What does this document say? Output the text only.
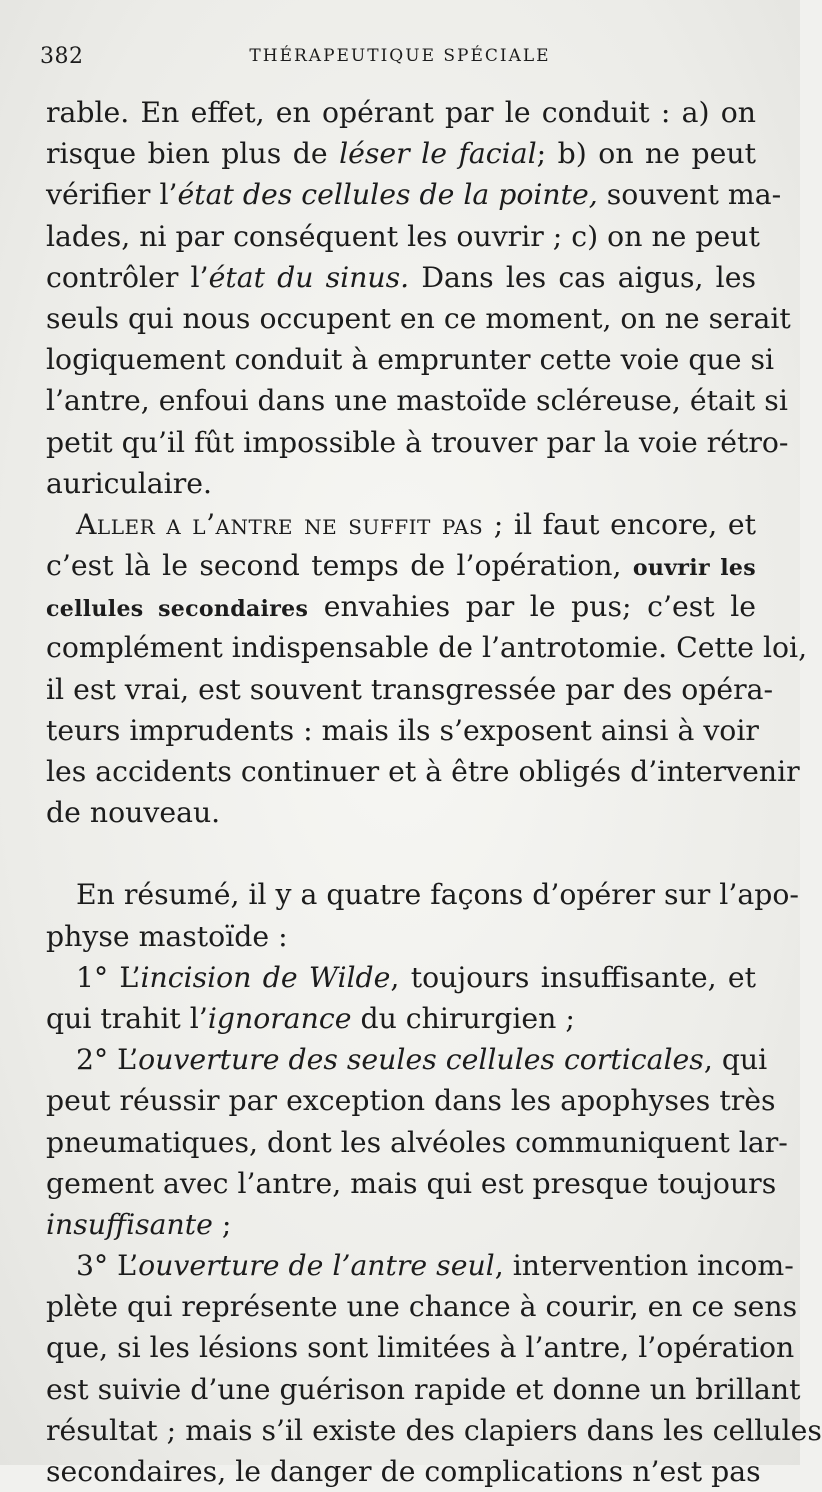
382	THÉRAPEUTIQUE SPÉCIALE
rable. En effet, en opérant par le conduit : a) on
risque bien plus de léser le facial; b) on ne peut
vérifier l’état des cellules de la pointe, souvent ma-
lades, ni par conséquent les ouvrir ; c) on ne peut
contrôler l’état du sinus. Dans les cas aigus, les
seuls qui nous occupent en ce moment, on ne serait
logiquement conduit à emprunter cette voie que si
l’antre, enfoui dans une mastoïde scléreuse, était si
petit qu’il fût impossible à trouver par la voie rétro-
auriculaire.
Aller a l’antre ne suffit pas ; il faut encore, et
c’est là le second temps de l’opération, ouvrir les
cellules secondaires envahies par le pus; c’est le
complément indispensable de l’antrotomie. Cette loi,
il est vrai, est souvent transgressée par des opéra-
teurs imprudents : mais ils s’exposent ainsi à voir
les accidents continuer et à être obligés d’intervenir
de nouveau.
En résumé, il y a quatre façons d’opérer sur l’apo-
physe mastoïde :
1° L’incision de Wilde, toujours insuffisante, et
qui trahit l’ignorance du chirurgien ;
2° L’ouverture des seules cellules corticales, qui
peut réussir par exception dans les apophyses très
pneumatiques, dont les alvéoles communiquent lar-
gement avec l’antre, mais qui est presque toujours
insuffisante ;
3° L’ouverture de l’antre seul, intervention incom-
plète qui représente une chance à courir, en ce sens
que, si les lésions sont limitées à l’antre, l’opération
est suivie d’une guérison rapide et donne un brillant
résultat ; mais s’il existe des clapiers dans les cellules
secondaires, le danger de complications n’est pas
